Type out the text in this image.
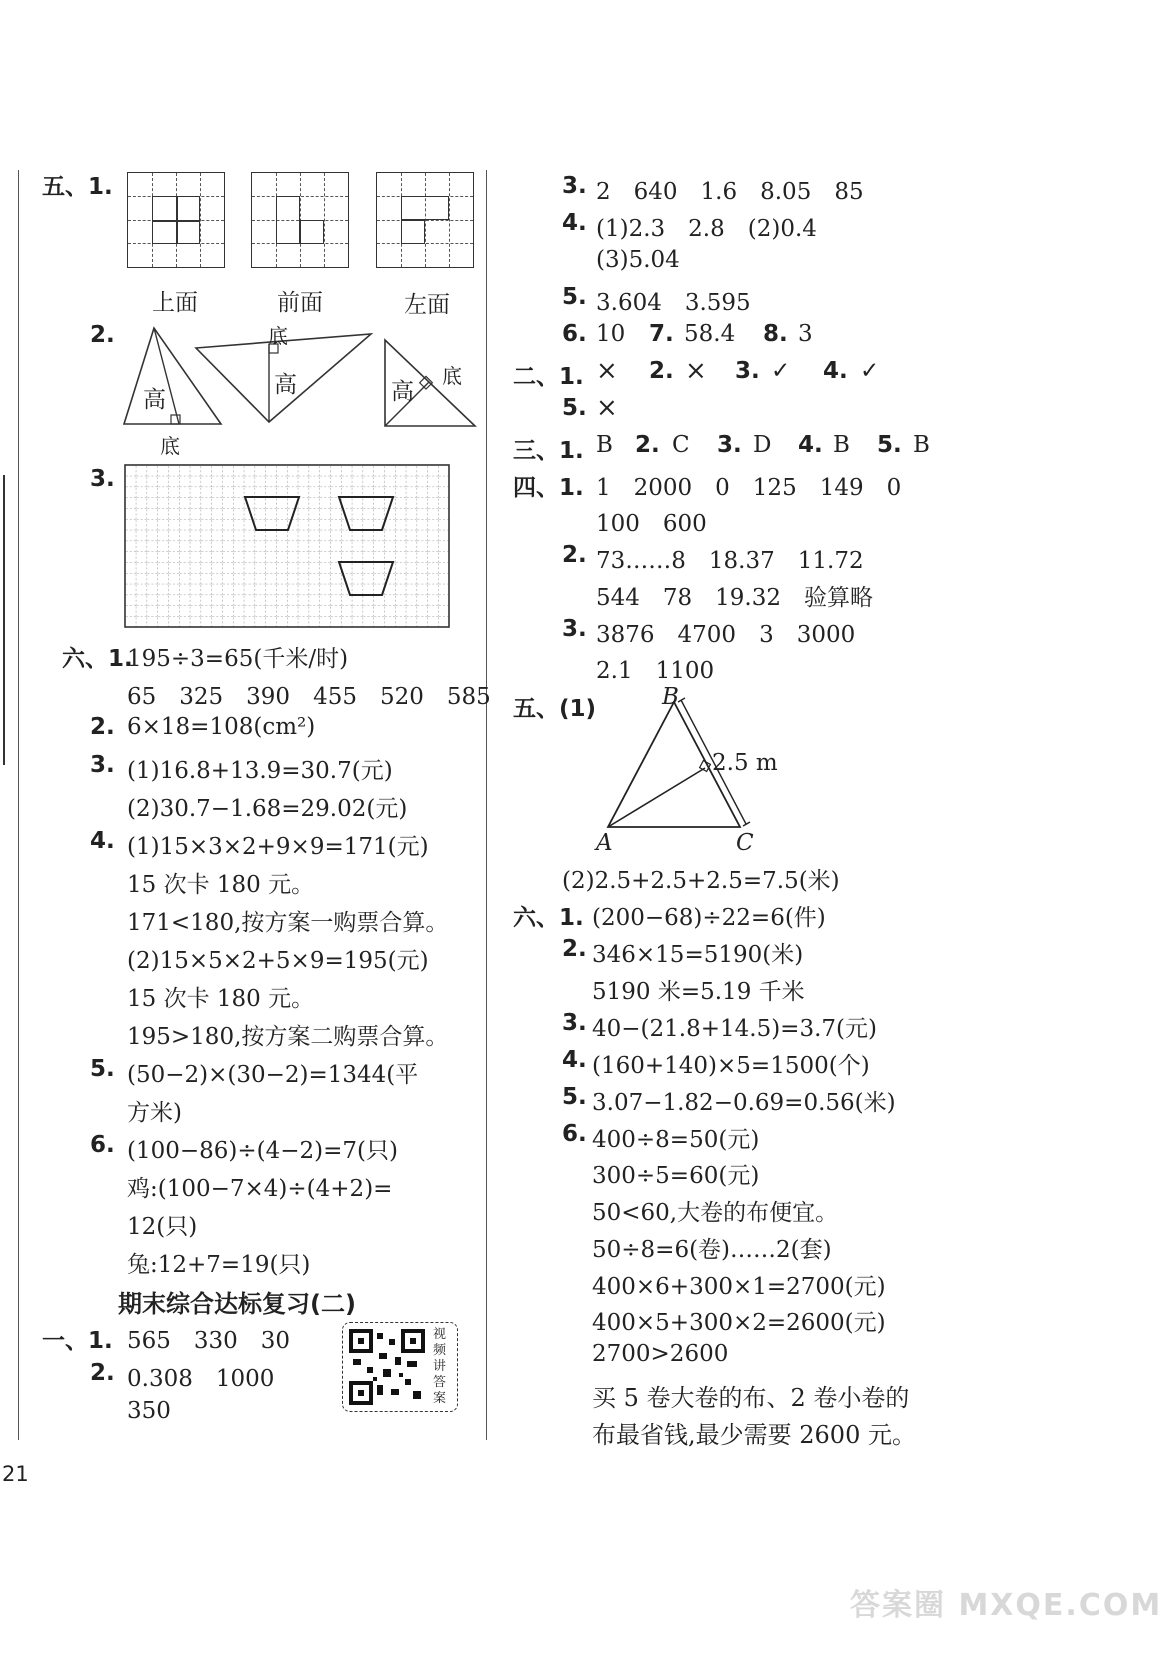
五、1.
上面	前面	左面
2.
高
底
底
高	高
底
3.
六、1.
195÷3=65(千米/时)
65　325　390　455　520　585
2. 6×18=108(cm²)
3. (1)16.8+13.9=30.7(元)
(2)30.7−1.68=29.02(元)
4. (1)15×3×2+9×9=171(元)
15 次卡 180 元。
171<180,按方案一购票合算。
(2)15×5×2+5×9=195(元)
15 次卡 180 元。
195>180,按方案二购票合算。
5. (50−2)×(30−2)=1344(平
方米)
6. (100−86)÷(4−2)=7(只)
鸡:(100−7×4)÷(4+2)=
12(只)
兔:12+7=19(只)
期末综合达标复习(二)
一、1. 565　330　30
2. 0.308　1000
350
视频讲答案
21
3. 2　640　1.6　8.05　85
4. (1)2.3　2.8　(2)0.4
(3)5.04
5. 3.604　3.595
6. 10 7. 58.4 8. 3
二、1. × 2. × 3. ✓ 4. ✓
5. ×
三、1. B 2. C 3. D 4. B 5. B
四、1. 1　2000　0　125　149　0
100　600
2. 73……8　18.37　11.72
544　78　19.32　验算略
3. 3876　4700　3　3000
2.1　1100
五、(1)	B
A	C
2.5 m
(2)2.5+2.5+2.5=7.5(米)
六、1. (200−68)÷22=6(件)
2. 346×15=5190(米)
5190 米=5.19 千米
3. 40−(21.8+14.5)=3.7(元)
4. (160+140)×5=1500(个)
5. 3.07−1.82−0.69=0.56(米)
6. 400÷8=50(元)
300÷5=60(元)
50<60,大卷的布便宜。
50÷8=6(卷)……2(套)
400×6+300×1=2700(元)
400×5+300×2=2600(元)
2700>2600
买 5 卷大卷的布、2 卷小卷的
布最省钱,最少需要 2600 元。
答案圈 MXQE.COM
